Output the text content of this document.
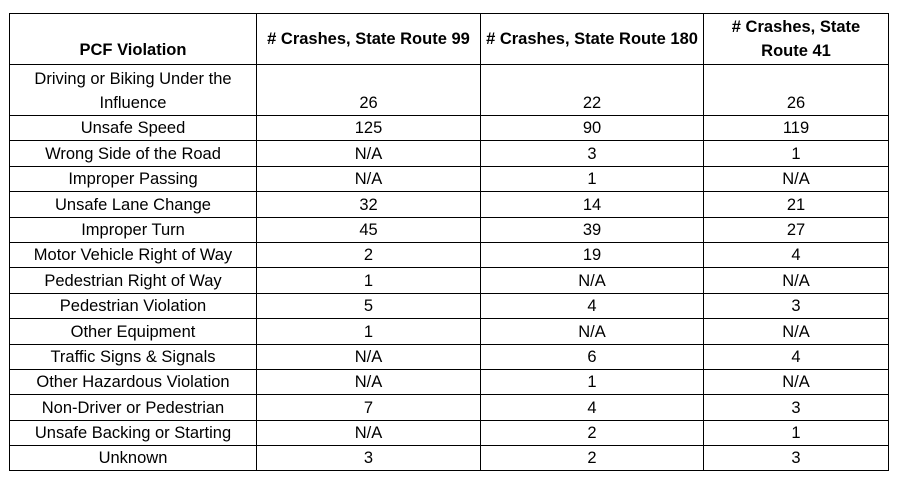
PCF Violation	# Crashes, State Route 99	# Crashes, State Route 180	# Crashes, State Route 41
Driving or Biking Under the Influence	26	22	26
Unsafe Speed	125	90	119
Wrong Side of the Road	N/A	3	1
Improper Passing	N/A	1	N/A
Unsafe Lane Change	32	14	21
Improper Turn	45	39	27
Motor Vehicle Right of Way	2	19	4
Pedestrian Right of Way	1	N/A	N/A
Pedestrian Violation	5	4	3
Other Equipment	1	N/A	N/A
Traffic Signs & Signals	N/A	6	4
Other Hazardous Violation	N/A	1	N/A
Non-Driver or Pedestrian	7	4	3
Unsafe Backing or Starting	N/A	2	1
Unknown	3	2	3
